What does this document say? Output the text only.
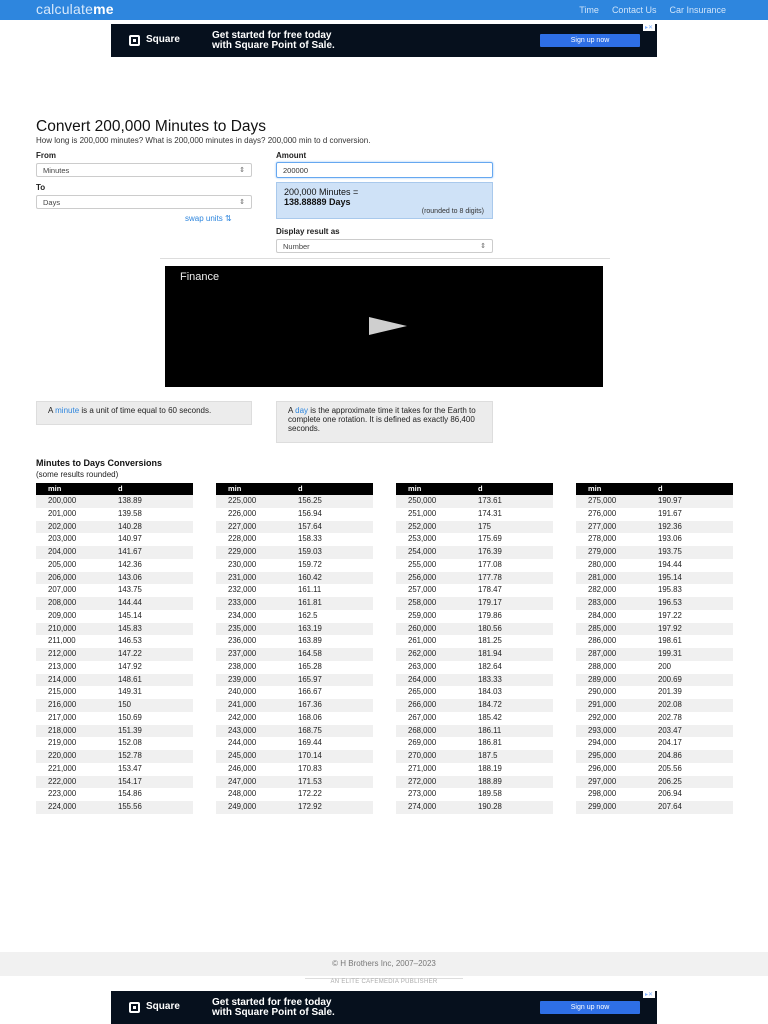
calculateme	Time Contact Us Car Insurance
Square	Get started for free today
with Square Point of Sale.	Sign up now
▸✕
Convert 200,000 Minutes to Days
How long is 200,000 minutes? What is 200,000 minutes in days? 200,000 min to d conversion.
From
Minutes	⇕
To
Days	⇕
swap units ⇅
Amount
200000
200,000 Minutes =
138.88889 Days
(rounded to 8 digits)
Display result as
Number	⇕
Finance
A minute is a unit of time equal to 60 seconds.	A day is the approximate time it takes for the Earth to complete one rotation. It is defined as exactly 86,400 seconds.
Minutes to Days Conversions
(some results rounded)
min	d
200,000	138.89
201,000	139.58
202,000	140.28
203,000	140.97
204,000	141.67
205,000	142.36
206,000	143.06
207,000	143.75
208,000	144.44
209,000	145.14
210,000	145.83
211,000	146.53
212,000	147.22
213,000	147.92
214,000	148.61
215,000	149.31
216,000	150
217,000	150.69
218,000	151.39
219,000	152.08
220,000	152.78
221,000	153.47
222,000	154.17
223,000	154.86
224,000	155.56
min	d
225,000	156.25
226,000	156.94
227,000	157.64
228,000	158.33
229,000	159.03
230,000	159.72
231,000	160.42
232,000	161.11
233,000	161.81
234,000	162.5
235,000	163.19
236,000	163.89
237,000	164.58
238,000	165.28
239,000	165.97
240,000	166.67
241,000	167.36
242,000	168.06
243,000	168.75
244,000	169.44
245,000	170.14
246,000	170.83
247,000	171.53
248,000	172.22
249,000	172.92
min	d
250,000	173.61
251,000	174.31
252,000	175
253,000	175.69
254,000	176.39
255,000	177.08
256,000	177.78
257,000	178.47
258,000	179.17
259,000	179.86
260,000	180.56
261,000	181.25
262,000	181.94
263,000	182.64
264,000	183.33
265,000	184.03
266,000	184.72
267,000	185.42
268,000	186.11
269,000	186.81
270,000	187.5
271,000	188.19
272,000	188.89
273,000	189.58
274,000	190.28
min	d
275,000	190.97
276,000	191.67
277,000	192.36
278,000	193.06
279,000	193.75
280,000	194.44
281,000	195.14
282,000	195.83
283,000	196.53
284,000	197.22
285,000	197.92
286,000	198.61
287,000	199.31
288,000	200
289,000	200.69
290,000	201.39
291,000	202.08
292,000	202.78
293,000	203.47
294,000	204.17
295,000	204.86
296,000	205.56
297,000	206.25
298,000	206.94
299,000	207.64
© H Brothers Inc, 2007–2023
AN ELITE CAFEMEDIA PUBLISHER
Square	Get started for free today
with Square Point of Sale.	Sign up now
▸✕
